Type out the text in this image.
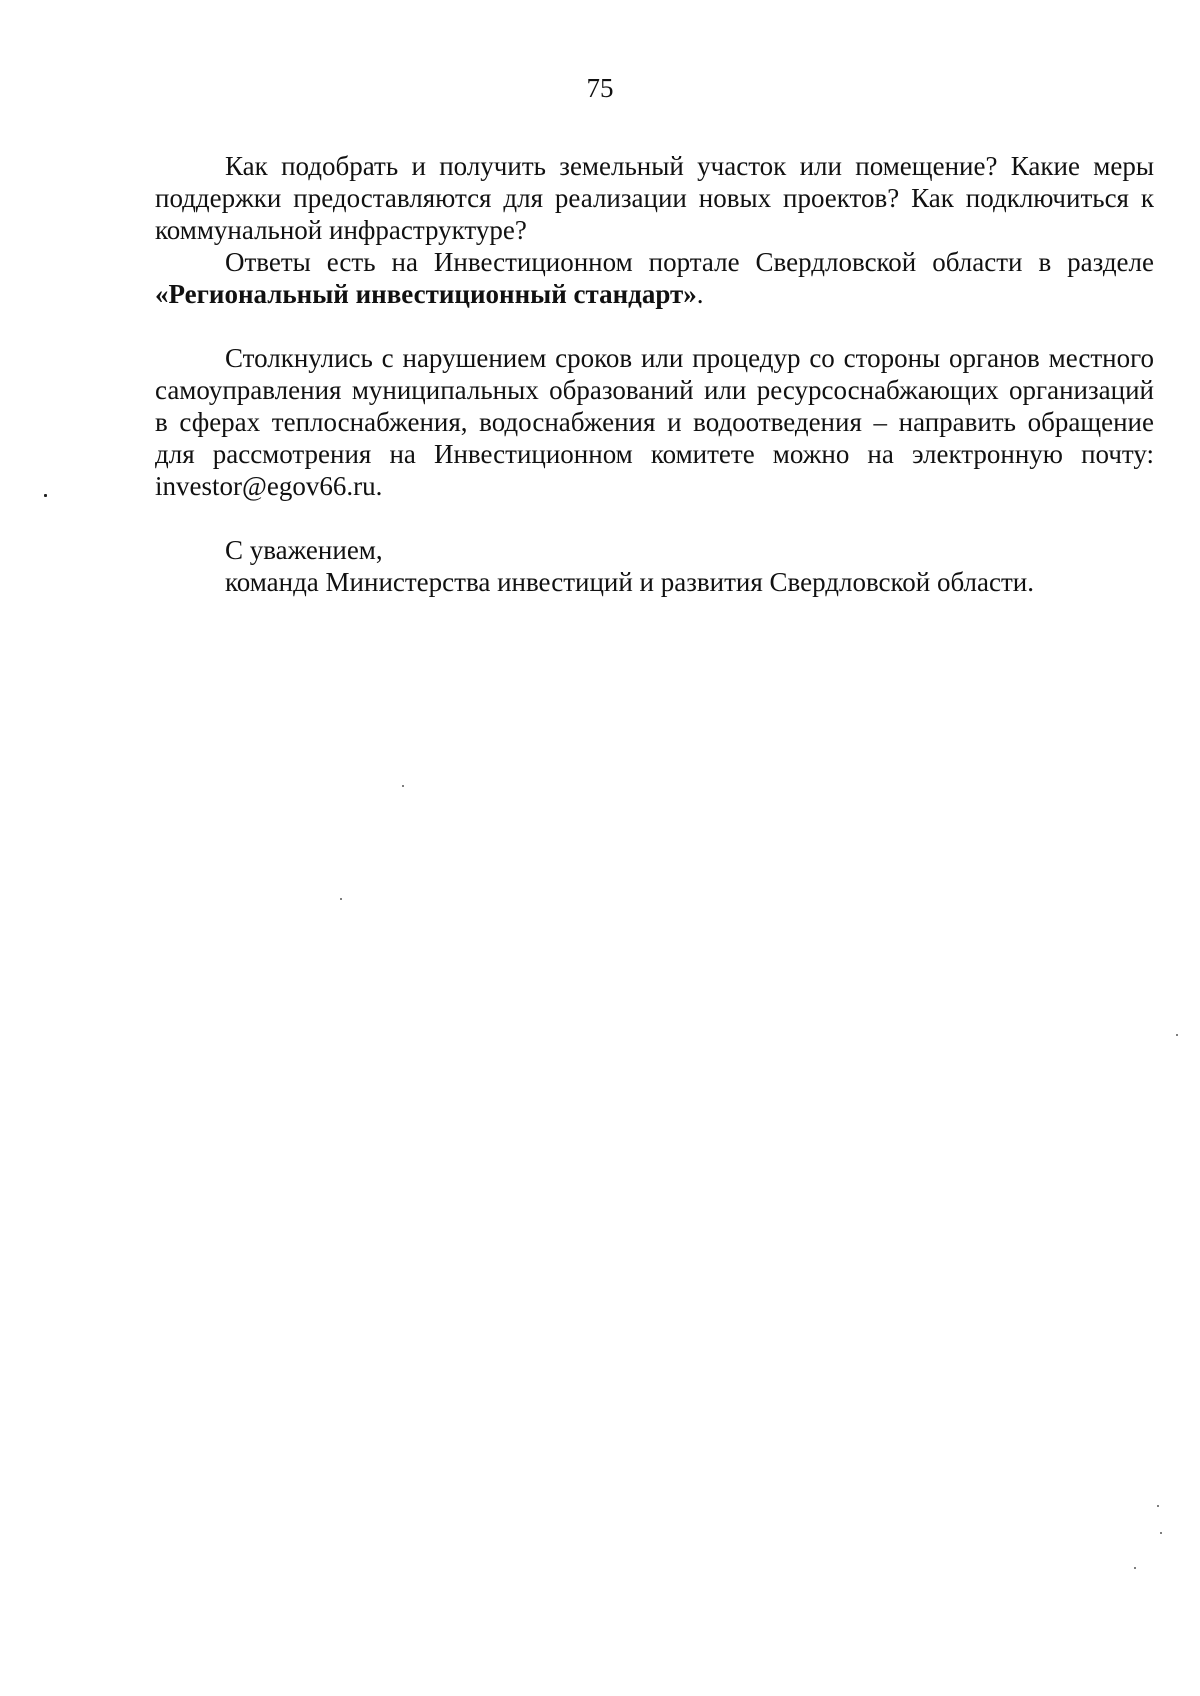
75

Как подобрать и получить земельный участок или помещение? Какие меры поддержки предоставляются для реализации новых проектов? Как подключиться к коммунальной инфраструктуре?

Ответы есть на Инвестиционном портале Свердловской области в разделе «Региональный инвестиционный стандарт».

Столкнулись с нарушением сроков или процедур со стороны органов местного самоуправления муниципальных образований или ресурсоснабжающих организаций в сферах теплоснабжения, водоснабжения и водоотведения – направить обращение для рассмотрения на Инвестиционном комитете можно на электронную почту: investor@egov66.ru.

С уважением,

команда Министерства инвестиций и развития Свердловской области.
